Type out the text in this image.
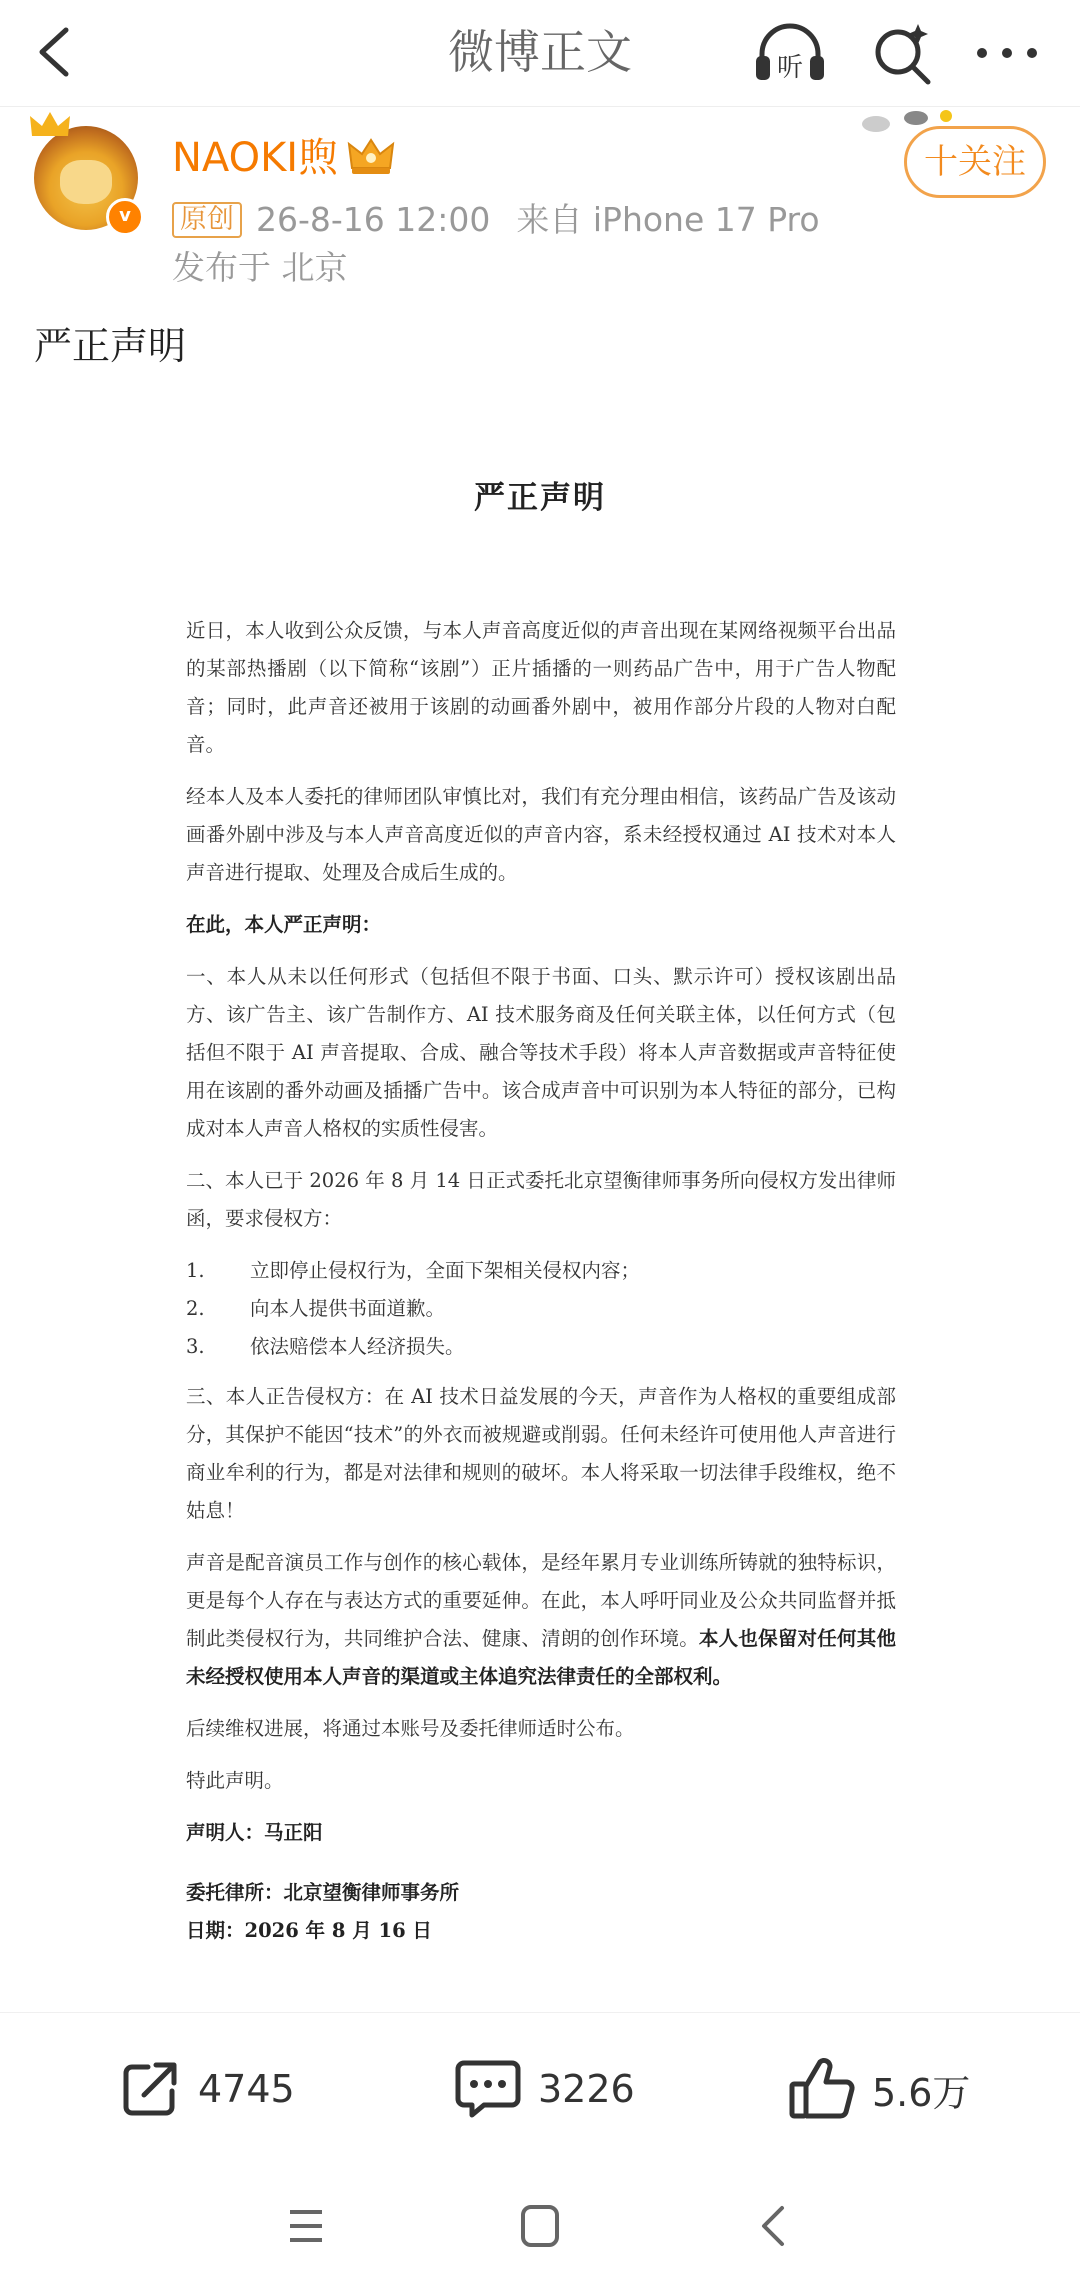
微博正文	听
v
NAOKI煦	十关注
原创 26-8-16 12:00 来自 iPhone 17 Pro
发布于 北京
严正声明
严正声明

近日，本人收到公众反馈，与本人声音高度近似的声音出现在某网络视频平台出品的某部热播剧（以下简称“该剧”）正片插播的一则药品广告中，用于广告人物配音；同时，此声音还被用于该剧的动画番外剧中，被用作部分片段的人物对白配音。

经本人及本人委托的律师团队审慎比对，我们有充分理由相信，该药品广告及该动画番外剧中涉及与本人声音高度近似的声音内容，系未经授权通过 AI 技术对本人声音进行提取、处理及合成后生成的。

在此，本人严正声明：

一、本人从未以任何形式（包括但不限于书面、口头、默示许可）授权该剧出品方、该广告主、该广告制作方、AI 技术服务商及任何关联主体，以任何方式（包括但不限于 AI 声音提取、合成、融合等技术手段）将本人声音数据或声音特征使用在该剧的番外动画及插播广告中。该合成声音中可识别为本人特征的部分，已构成对本人声音人格权的实质性侵害。

二、本人已于 2026 年 8 月 14 日正式委托北京望衡律师事务所向侵权方发出律师函，要求侵权方：

1. 立即停止侵权行为，全面下架相关侵权内容；
2. 向本人提供书面道歉。
3. 依法赔偿本人经济损失。

三、本人正告侵权方：在 AI 技术日益发展的今天，声音作为人格权的重要组成部分，其保护不能因“技术”的外衣而被规避或削弱。任何未经许可使用他人声音进行商业牟利的行为，都是对法律和规则的破坏。本人将采取一切法律手段维权，绝不姑息！

声音是配音演员工作与创作的核心载体，是经年累月专业训练所铸就的独特标识，更是每个人存在与表达方式的重要延伸。在此，本人呼吁同业及公众共同监督并抵制此类侵权行为，共同维护合法、健康、清朗的创作环境。本人也保留对任何其他未经授权使用本人声音的渠道或主体追究法律责任的全部权利。

后续维权进展，将通过本账号及委托律师适时公布。

特此声明。

声明人：马正阳

委托律所：北京望衡律师事务所

日期：2026 年 8 月 16 日

4745	3226	5.6万
